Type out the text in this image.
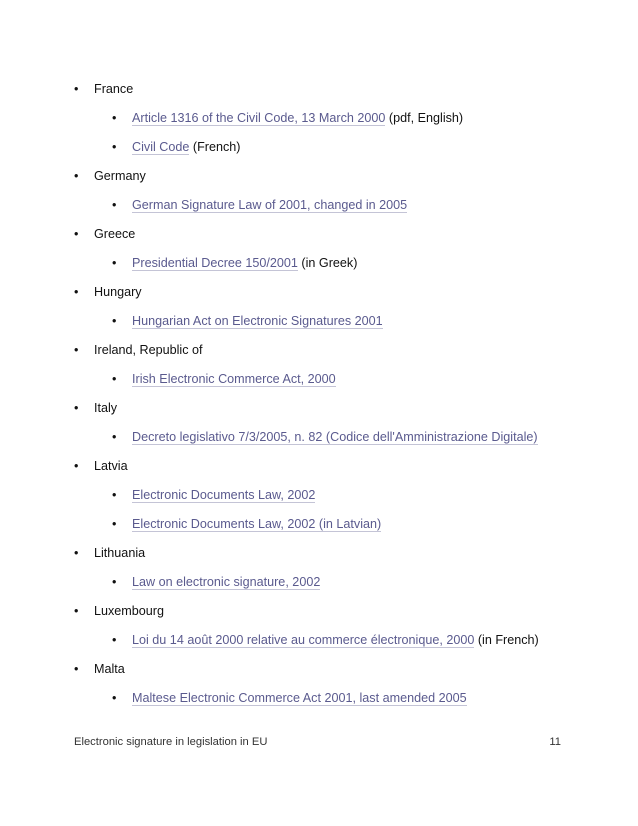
•	France
•	Article 1316 of the Civil Code, 13 March 2000 (pdf, English)
•	Civil Code (French)
•	Germany
•	German Signature Law of 2001, changed in 2005
•	Greece
•	Presidential Decree 150/2001 (in Greek)
•	Hungary
•	Hungarian Act on Electronic Signatures 2001
•	Ireland, Republic of
•	Irish Electronic Commerce Act, 2000
•	Italy
•	Decreto legislativo 7/3/2005, n. 82 (Codice dell'Amministrazione Digitale)
•	Latvia
•	Electronic Documents Law, 2002
•	Electronic Documents Law, 2002 (in Latvian)
•	Lithuania
•	Law on electronic signature, 2002
•	Luxembourg
•	Loi du 14 août 2000 relative au commerce électronique, 2000 (in French)
•	Malta
•	Maltese Electronic Commerce Act 2001, last amended 2005
Electronic signature in legislation in EU	11
